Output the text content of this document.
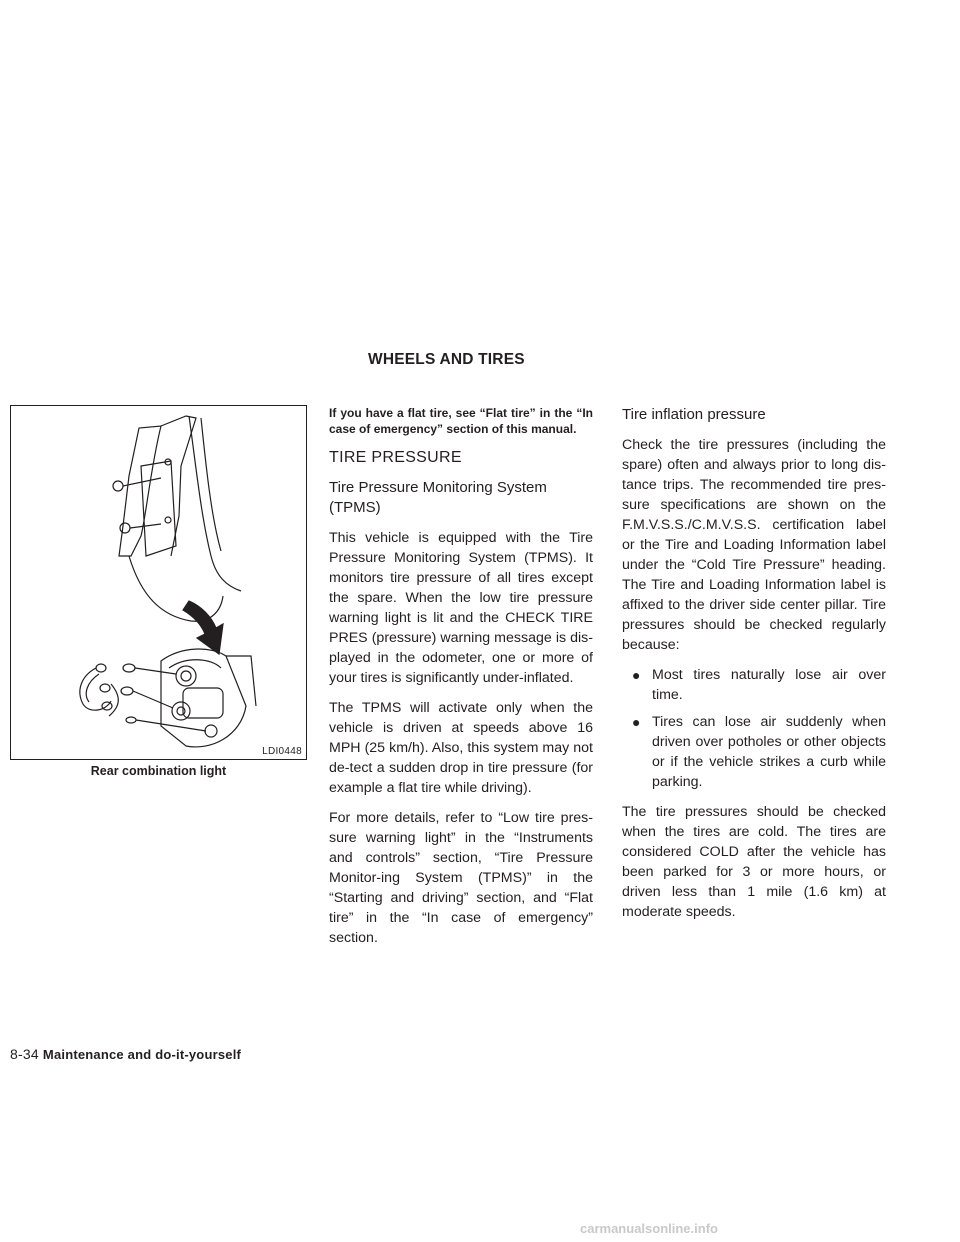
WHEELS AND TIRES
LDI0448
Rear combination light

If you have a flat tire, see “Flat tire” in the “In case of emergency” section of this manual.

TIRE PRESSURE
Tire Pressure Monitoring System (TPMS)

This vehicle is equipped with the Tire Pressure Monitoring System (TPMS). It monitors tire pressure of all tires except the spare. When the low tire pressure warning light is lit and the CHECK TIRE PRES (pressure) warning message is dis-played in the odometer, one or more of your tires is significantly under-inflated.

The TPMS will activate only when the vehicle is driven at speeds above 16 MPH (25 km/h). Also, this system may not de-tect a sudden drop in tire pressure (for example a flat tire while driving).

For more details, refer to “Low tire pres-sure warning light” in the “Instruments and controls” section, “Tire Pressure Monitor-ing System (TPMS)” in the “Starting and driving” section, and “Flat tire” in the “In case of emergency” section.

Tire inflation pressure

Check the tire pressures (including the spare) often and always prior to long dis-tance trips. The recommended tire pres-sure specifications are shown on the F.M.V.S.S./C.M.V.S.S. certification label or the Tire and Loading Information label under the “Cold Tire Pressure” heading. The Tire and Loading Information label is affixed to the driver side center pillar. Tire pressures should be checked regularly because:

● Most tires naturally lose air over time.
● Tires can lose air suddenly when driven over potholes or other objects or if the vehicle strikes a curb while parking.

The tire pressures should be checked when the tires are cold. The tires are considered COLD after the vehicle has been parked for 3 or more hours, or driven less than 1 mile (1.6 km) at moderate speeds.

8-34 Maintenance and do-it-yourself
carmanualsonline.info
